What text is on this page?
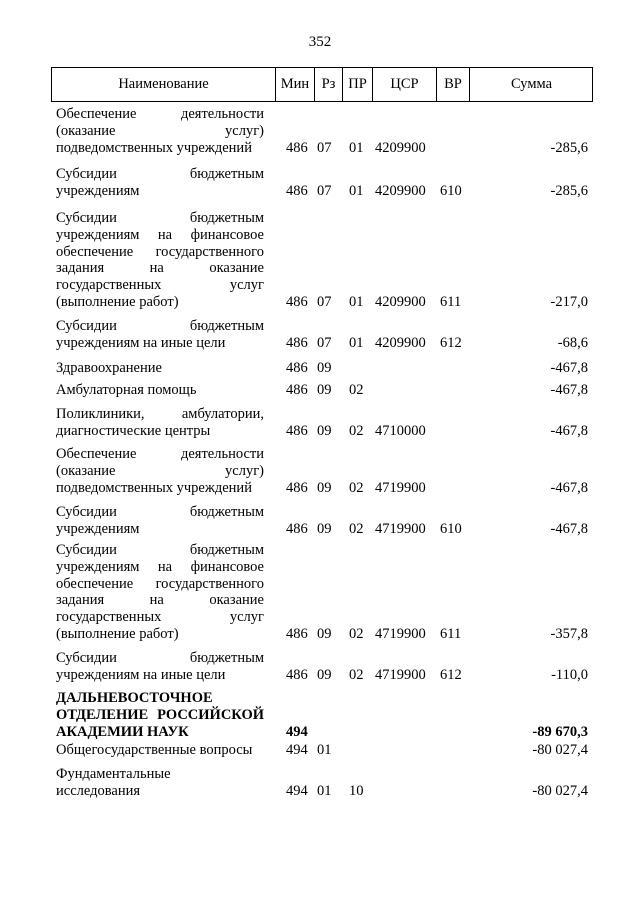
352
Наименование	Мин Рз ПР	ЦСР	ВР	Сумма
Обеспечение деятельности
(оказание услуг)
подведомственных учреждений	486 07 01 4209900	-285,6
Субсидии бюджетным
учреждениям	486 07 01 4209900 610	-285,6
Субсидии бюджетным
учреждениям на финансовое
обеспечение государственного
задания на оказание
государственных услуг
(выполнение работ)	486 07 01 4209900 611	-217,0
Субсидии бюджетным
учреждениям на иные цели	486 07 01 4209900 612	-68,6
Здравоохранение	486 09	-467,8
Амбулаторная помощь	486 09 02	-467,8
Поликлиники, амбулатории,
диагностические центры	486 09 02 4710000	-467,8
Обеспечение деятельности
(оказание услуг)
подведомственных учреждений	486 09 02 4719900	-467,8
Субсидии бюджетным
учреждениям	486 09 02 4719900 610	-467,8
Субсидии бюджетным
учреждениям на финансовое
обеспечение государственного
задания на оказание
государственных услуг
(выполнение работ)	486 09 02 4719900 611	-357,8
Субсидии бюджетным
учреждениям на иные цели	486 09 02 4719900 612	-110,0
ДАЛЬНЕВОСТОЧНОЕ
ОТДЕЛЕНИЕ РОССИЙСКОЙ
АКАДЕМИИ НАУК	494	-89 670,3
Общегосударственные вопросы	494 01	-80 027,4
Фундаментальные
исследования	494 01 10	-80 027,4
